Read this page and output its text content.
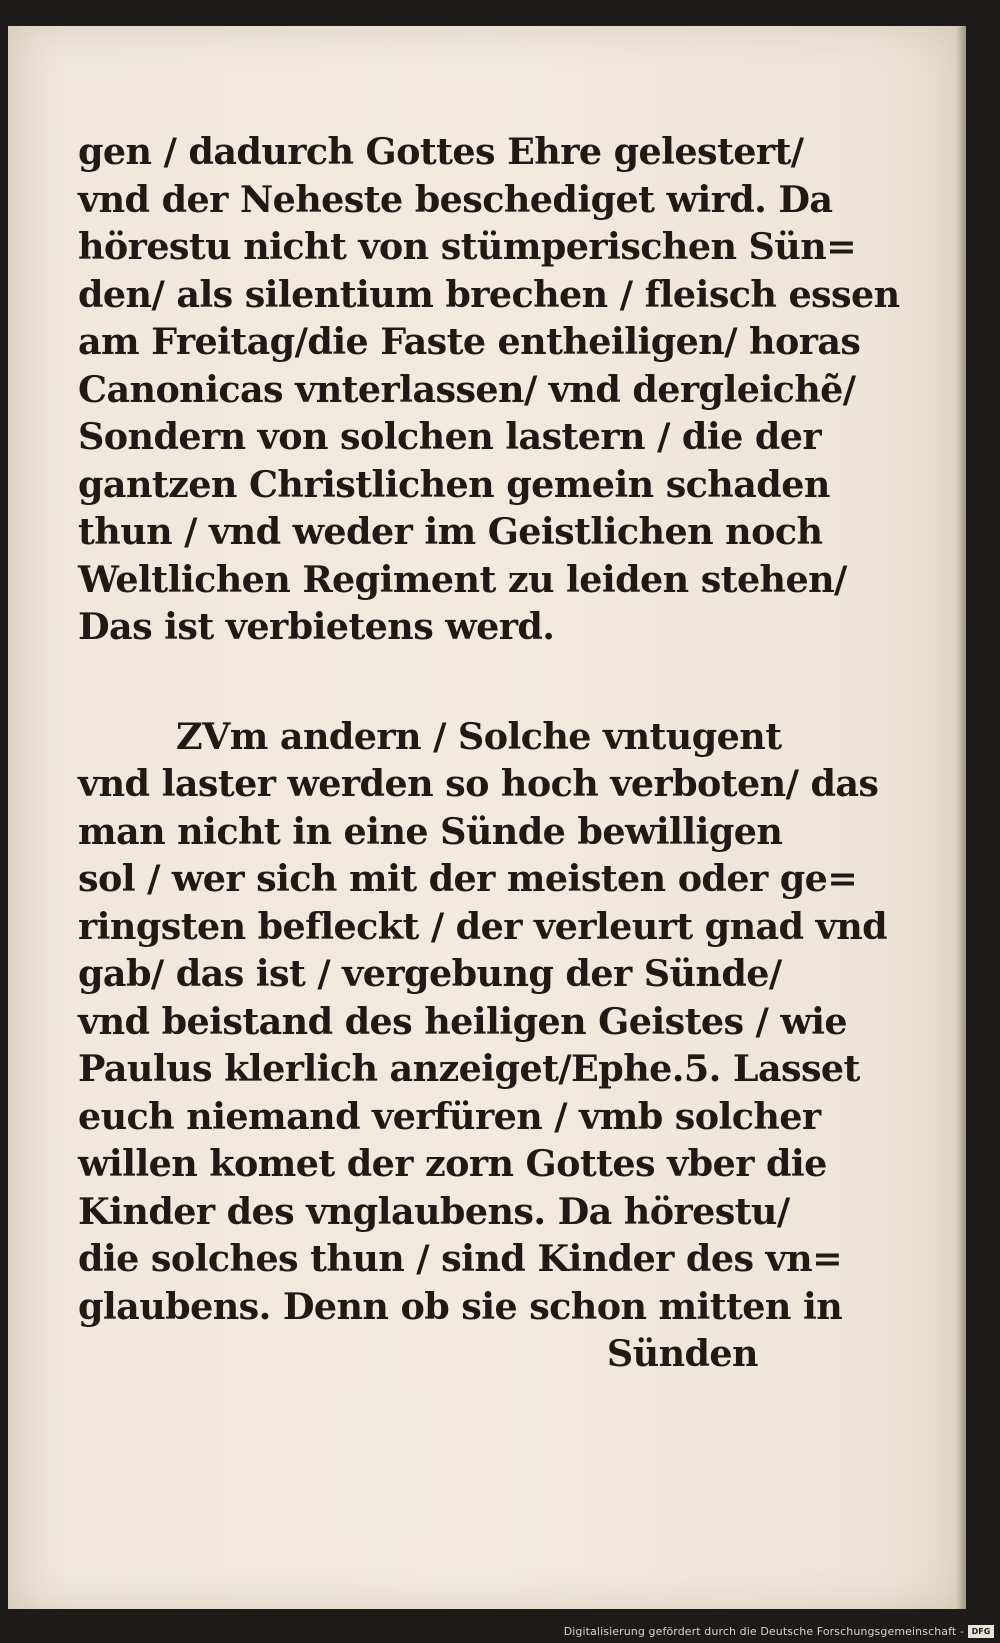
gen / dadurch Gottes Ehre gelestert/
vnd der Neheste beschediget wird. Da
hörestu nicht von stümperischen Sün=
den/ als silentium brechen / fleisch essen
am Freitag/die Faste entheiligen/ horas
Canonicas vnterlassen/ vnd dergleichẽ/
Sondern von solchen lastern / die der
gantzen Christlichen gemein schaden
thun / vnd weder im Geistlichen noch
Weltlichen Regiment zu leiden stehen/
Das ist verbietens werd.
ZVm andern / Solche vntugent
vnd laster werden so hoch verboten/ das
man nicht in eine Sünde bewilligen
sol / wer sich mit der meisten oder ge=
ringsten befleckt / der verleurt gnad vnd
gab/ das ist / vergebung der Sünde/
vnd beistand des heiligen Geistes / wie
Paulus klerlich anzeiget/Ephe.5. Lasset
euch niemand verfüren / vmb solcher
willen komet der zorn Gottes vber die
Kinder des vnglaubens. Da hörestu/
die solches thun / sind Kinder des vn=
glaubens. Denn ob sie schon mitten in
Sünden
Digitalisierung gefördert durch die Deutsche Forschungsgemeinschaft - DFG
